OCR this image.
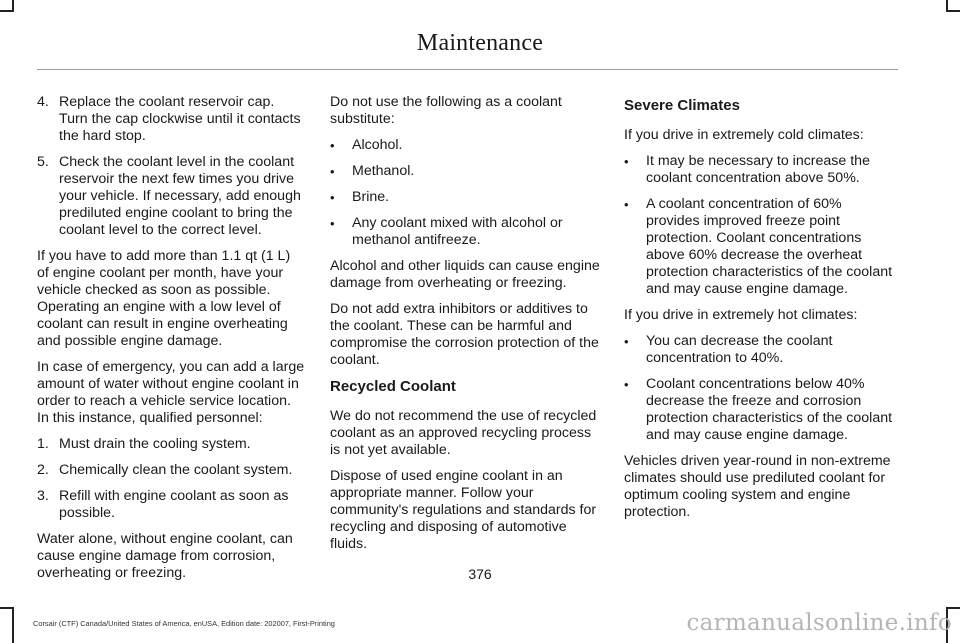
Maintenance
4. Replace the coolant reservoir cap. Turn the cap clockwise until it contacts the hard stop.
5. Check the coolant level in the coolant reservoir the next few times you drive your vehicle. If necessary, add enough prediluted engine coolant to bring the coolant level to the correct level.

If you have to add more than 1.1 qt (1 L) of engine coolant per month, have your vehicle checked as soon as possible. Operating an engine with a low level of coolant can result in engine overheating and possible engine damage.

In case of emergency, you can add a large amount of water without engine coolant in order to reach a vehicle service location. In this instance, qualified personnel:

1. Must drain the cooling system.
2. Chemically clean the coolant system.
3. Refill with engine coolant as soon as possible.

Water alone, without engine coolant, can cause engine damage from corrosion, overheating or freezing.

Do not use the following as a coolant substitute:

• Alcohol.
• Methanol.
• Brine.
• Any coolant mixed with alcohol or methanol antifreeze.

Alcohol and other liquids can cause engine damage from overheating or freezing.

Do not add extra inhibitors or additives to the coolant. These can be harmful and compromise the corrosion protection of the coolant.

Recycled Coolant

We do not recommend the use of recycled coolant as an approved recycling process is not yet available.

Dispose of used engine coolant in an appropriate manner. Follow your community's regulations and standards for recycling and disposing of automotive fluids.

Severe Climates

If you drive in extremely cold climates:

• It may be necessary to increase the coolant concentration above 50%.
• A coolant concentration of 60% provides improved freeze point protection. Coolant concentrations above 60% decrease the overheat protection characteristics of the coolant and may cause engine damage.

If you drive in extremely hot climates:

• You can decrease the coolant concentration to 40%.
• Coolant concentrations below 40% decrease the freeze and corrosion protection characteristics of the coolant and may cause engine damage.

Vehicles driven year-round in non-extreme climates should use prediluted coolant for optimum cooling system and engine protection.

376
Corsair (CTF) Canada/United States of America, enUSA, Edition date: 202007, First-Printing	carmanualsonline.info
